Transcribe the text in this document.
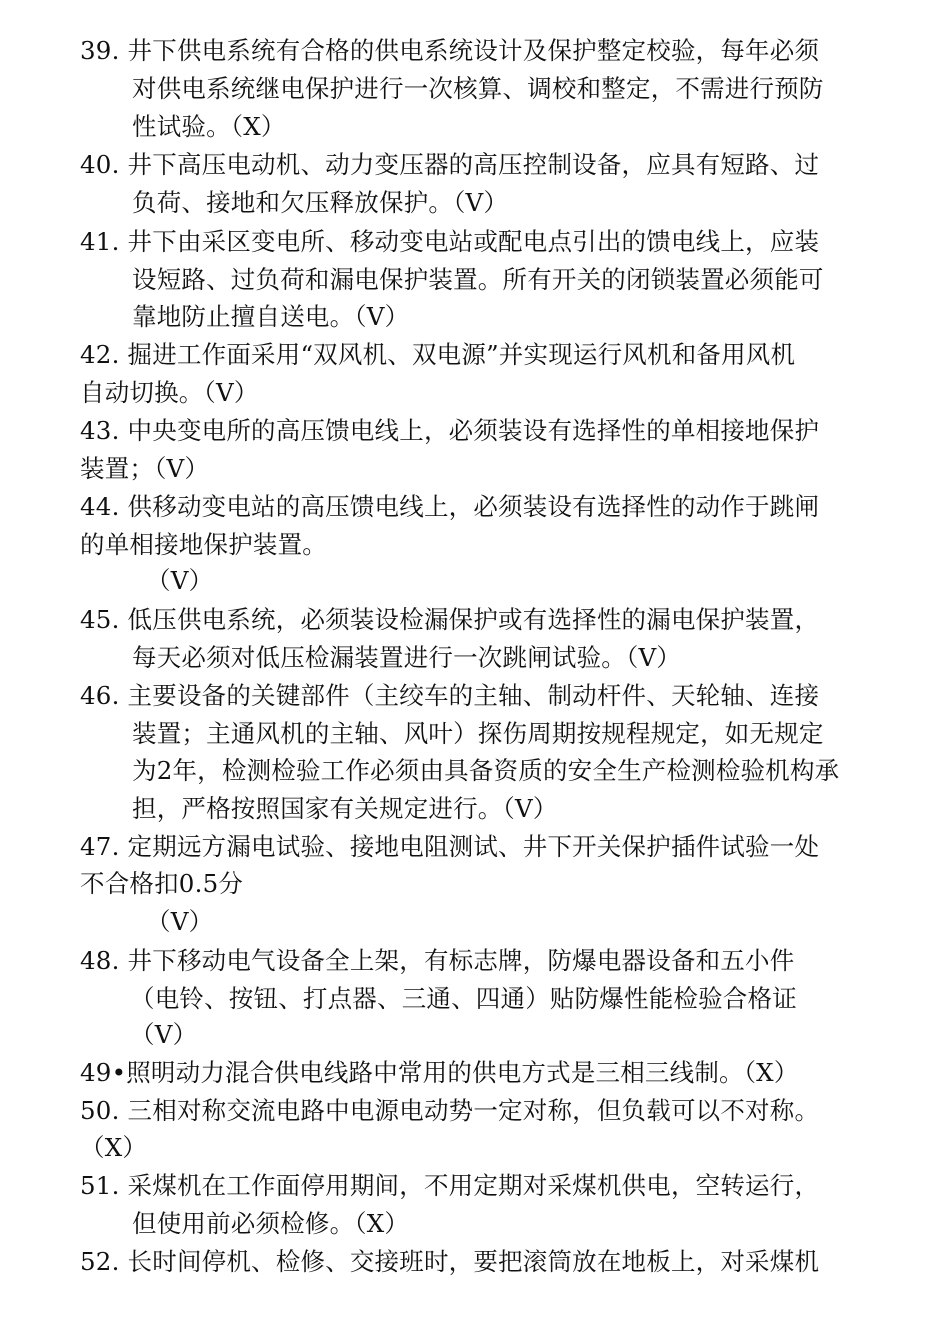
39. 井下供电系统有合格的供电系统设计及保护整定校验，每年必须
对供电系统继电保护进行一次核算、调校和整定，不需进行预防
性试验。（X）
40. 井下高压电动机、动力变压器的高压控制设备，应具有短路、过
负荷、接地和欠压释放保护。（V）
41. 井下由采区变电所、移动变电站或配电点引出的馈电线上，应装
设短路、过负荷和漏电保护装置。所有开关的闭锁装置必须能可
靠地防止擅自送电。（V）
42. 掘进工作面采用“双风机、双电源”并实现运行风机和备用风机
自动切换。（V）
43. 中央变电所的高压馈电线上，必须装设有选择性的单相接地保护
装置；（V）
44. 供移动变电站的高压馈电线上，必须装设有选择性的动作于跳闸
的单相接地保护装置。
（V）
45. 低压供电系统，必须装设检漏保护或有选择性的漏电保护装置，
每天必须对低压检漏装置进行一次跳闸试验。（V）
46. 主要设备的关键部件（主绞车的主轴、制动杆件、天轮轴、连接
装置；主通风机的主轴、风叶）探伤周期按规程规定，如无规定
为2年，检测检验工作必须由具备资质的安全生产检测检验机构承
担，严格按照国家有关规定进行。（V）
47. 定期远方漏电试验、接地电阻测试、井下开关保护插件试验一处
不合格扣0.5分
（V）
48. 井下移动电气设备全上架，有标志牌，防爆电器设备和五小件
（电铃、按钮、打点器、三通、四通）贴防爆性能检验合格证
（V）
49•照明动力混合供电线路中常用的供电方式是三相三线制。（X）
50. 三相对称交流电路中电源电动势一定对称，但负载可以不对称。
（X）
51. 采煤机在工作面停用期间，不用定期对采煤机供电，空转运行，
但使用前必须检修。（X）
52. 长时间停机、检修、交接班时，要把滚筒放在地板上，对采煤机
